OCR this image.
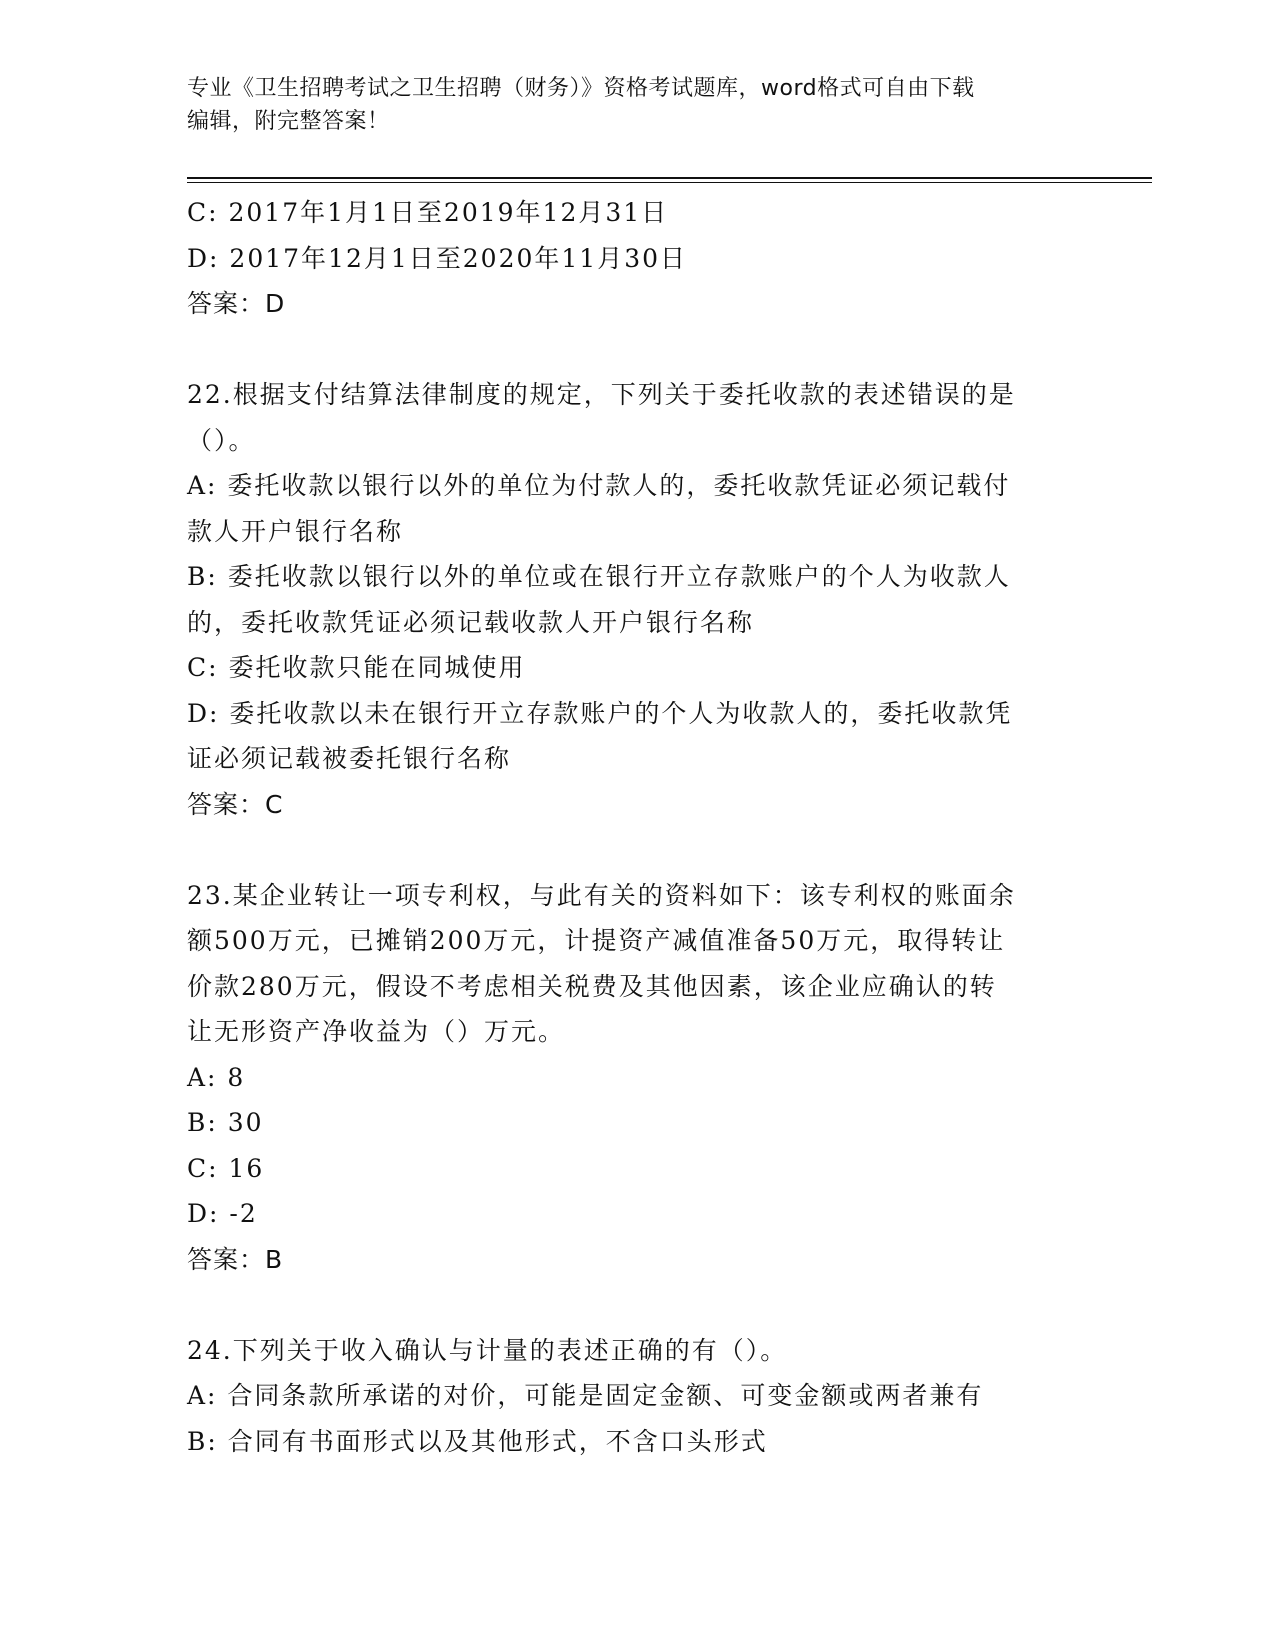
专业《卫生招聘考试之卫生招聘（财务）》资格考试题库，word格式可自由下载
编辑，附完整答案！

C: 2017年1月1日至2019年12月31日

D: 2017年12月1日至2020年11月30日

答案：D

22.根据支付结算法律制度的规定，下列关于委托收款的表述错误的是

（）。

A: 委托收款以银行以外的单位为付款人的，委托收款凭证必须记载付

款人开户银行名称

B: 委托收款以银行以外的单位或在银行开立存款账户的个人为收款人

的，委托收款凭证必须记载收款人开户银行名称

C: 委托收款只能在同城使用

D: 委托收款以未在银行开立存款账户的个人为收款人的，委托收款凭

证必须记载被委托银行名称

答案：C

23.某企业转让一项专利权，与此有关的资料如下：该专利权的账面余

额500万元，已摊销200万元，计提资产减值准备50万元，取得转让

价款280万元，假设不考虑相关税费及其他因素，该企业应确认的转

让无形资产净收益为（）万元。

A: 8

B: 30

C: 16

D: -2

答案：B

24.下列关于收入确认与计量的表述正确的有（）。

A: 合同条款所承诺的对价，可能是固定金额、可变金额或两者兼有

B: 合同有书面形式以及其他形式，不含口头形式
